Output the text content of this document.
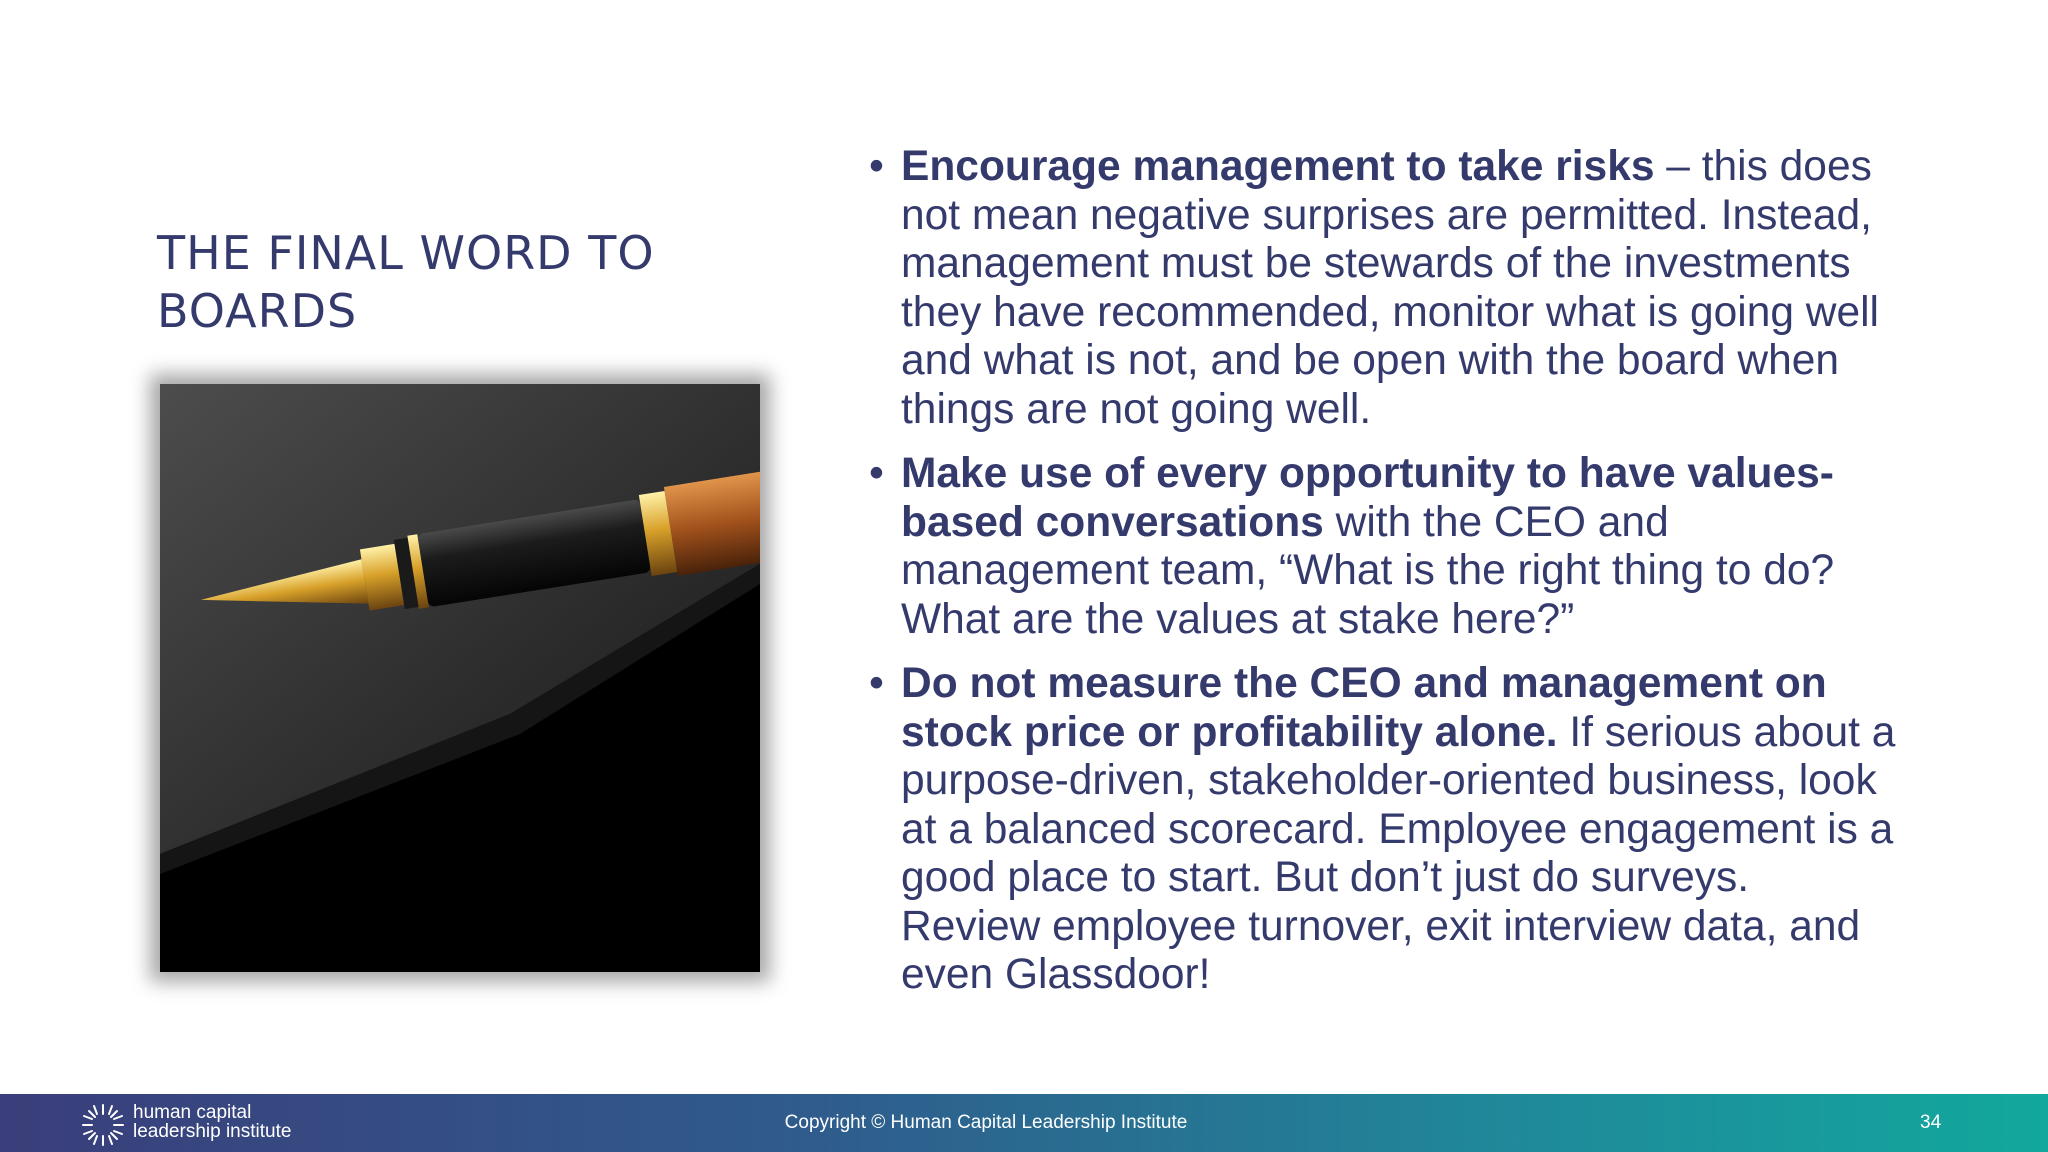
THE FINAL WORD TO
BOARDS
• Encourage management to take risks – this does not mean negative surprises are permitted. Instead, management must be stewards of the investments they have recommended, monitor what is going well and what is not, and be open with the board when things are not going well.
• Make use of every opportunity to have values-based conversations with the CEO and management team, “What is the right thing to do? What are the values at stake here?”
• Do not measure the CEO and management on stock price or profitability alone. If serious about a purpose-driven, stakeholder-oriented business, look at a balanced scorecard. Employee engagement is a good place to start. But don’t just do surveys. Review employee turnover, exit interview data, and even Glassdoor!
human capital
leadership institute	Copyright © Human Capital Leadership Institute	34
